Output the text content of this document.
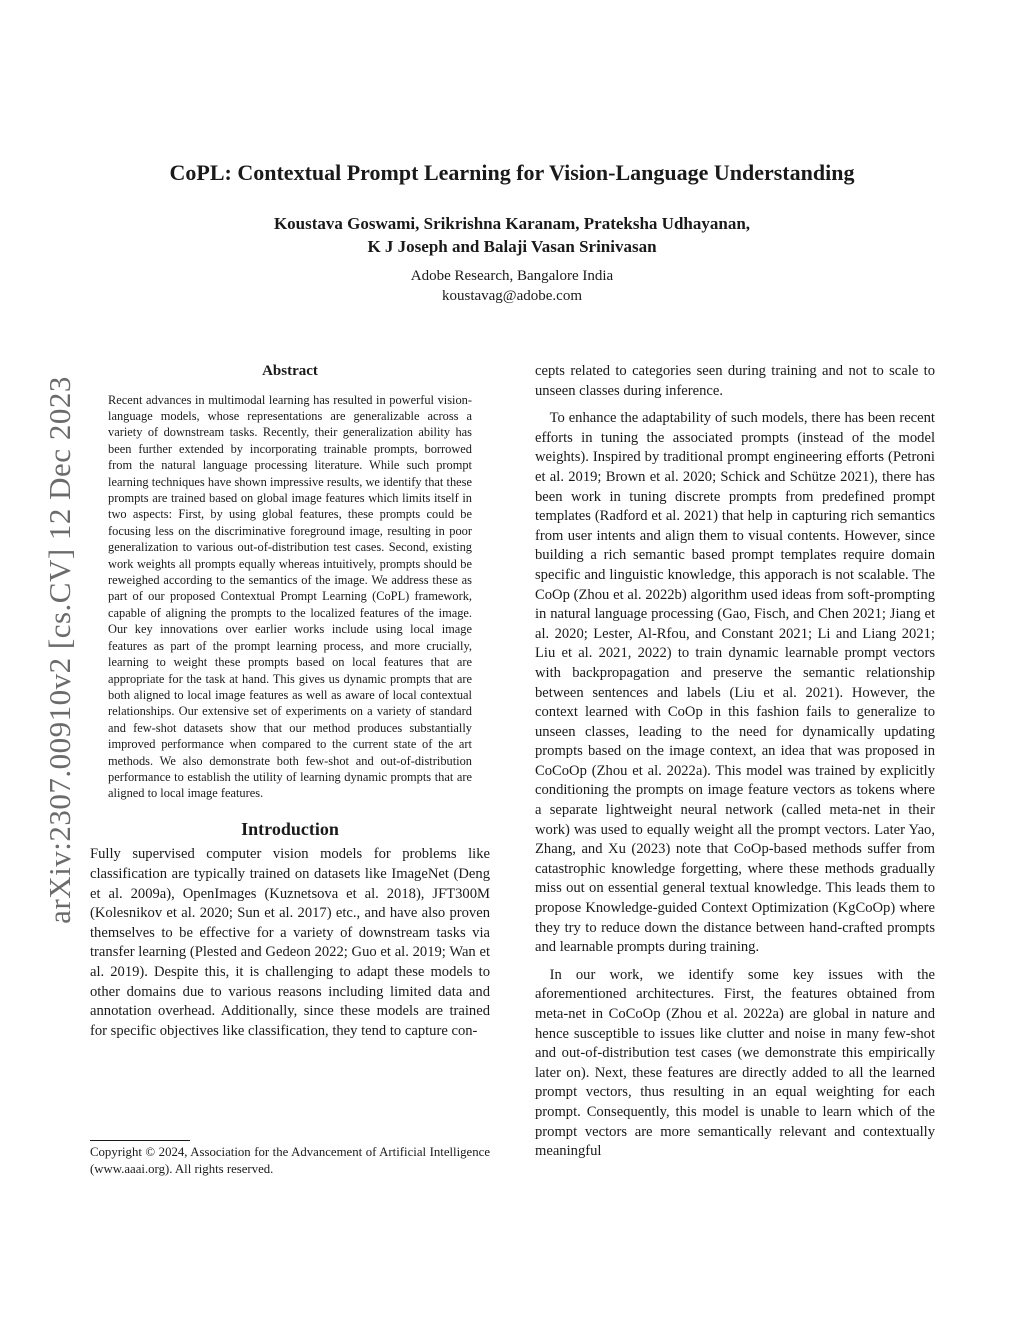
CoPL: Contextual Prompt Learning for Vision-Language Understanding
Koustava Goswami, Srikrishna Karanam, Prateksha Udhayanan,
K J Joseph and Balaji Vasan Srinivasan
Adobe Research, Bangalore India
koustavag@adobe.com
arXiv:2307.00910v2 [cs.CV] 12 Dec 2023
Abstract

Recent advances in multimodal learning has resulted in powerful vision-language models, whose representations are generalizable across a variety of downstream tasks. Recently, their generalization ability has been further extended by incorporating trainable prompts, borrowed from the natural language processing literature. While such prompt learning techniques have shown impressive results, we identify that these prompts are trained based on global image features which limits itself in two aspects: First, by using global features, these prompts could be focusing less on the discriminative foreground image, resulting in poor generalization to various out-of-distribution test cases. Second, existing work weights all prompts equally whereas intuitively, prompts should be reweighed according to the semantics of the image. We address these as part of our proposed Contextual Prompt Learning (CoPL) framework, capable of aligning the prompts to the localized features of the image. Our key innovations over earlier works include using local image features as part of the prompt learning process, and more crucially, learning to weight these prompts based on local features that are appropriate for the task at hand. This gives us dynamic prompts that are both aligned to local image features as well as aware of local contextual relationships. Our extensive set of experiments on a variety of standard and few-shot datasets show that our method produces substantially improved performance when compared to the current state of the art methods. We also demonstrate both few-shot and out-of-distribution performance to establish the utility of learning dynamic prompts that are aligned to local image features.

Introduction

Fully supervised computer vision models for problems like classification are typically trained on datasets like ImageNet (Deng et al. 2009a), OpenImages (Kuznetsova et al. 2018), JFT300M (Kolesnikov et al. 2020; Sun et al. 2017) etc., and have also proven themselves to be effective for a variety of downstream tasks via transfer learning (Plested and Gedeon 2022; Guo et al. 2019; Wan et al. 2019). Despite this, it is challenging to adapt these models to other domains due to various reasons including limited data and annotation overhead. Additionally, since these models are trained for specific objectives like classification, they tend to capture con-

Copyright © 2024, Association for the Advancement of Artificial Intelligence (www.aaai.org). All rights reserved.

cepts related to categories seen during training and not to scale to unseen classes during inference.

To enhance the adaptability of such models, there has been recent efforts in tuning the associated prompts (instead of the model weights). Inspired by traditional prompt engineering efforts (Petroni et al. 2019; Brown et al. 2020; Schick and Schütze 2021), there has been work in tuning discrete prompts from predefined prompt templates (Radford et al. 2021) that help in capturing rich semantics from user intents and align them to visual contents. However, since building a rich semantic based prompt templates require domain specific and linguistic knowledge, this apporach is not scalable. The CoOp (Zhou et al. 2022b) algorithm used ideas from soft-prompting in natural language processing (Gao, Fisch, and Chen 2021; Jiang et al. 2020; Lester, Al-Rfou, and Constant 2021; Li and Liang 2021; Liu et al. 2021, 2022) to train dynamic learnable prompt vectors with backpropagation and preserve the semantic relationship between sentences and labels (Liu et al. 2021). However, the context learned with CoOp in this fashion fails to generalize to unseen classes, leading to the need for dynamically updating prompts based on the image context, an idea that was proposed in CoCoOp (Zhou et al. 2022a). This model was trained by explicitly conditioning the prompts on image feature vectors as tokens where a separate lightweight neural network (called meta-net in their work) was used to equally weight all the prompt vectors. Later Yao, Zhang, and Xu (2023) note that CoOp-based methods suffer from catastrophic knowledge forgetting, where these methods gradually miss out on essential general textual knowledge. This leads them to propose Knowledge-guided Context Optimization (KgCoOp) where they try to reduce down the distance between hand-crafted prompts and learnable prompts during training.

In our work, we identify some key issues with the aforementioned architectures. First, the features obtained from meta-net in CoCoOp (Zhou et al. 2022a) are global in nature and hence susceptible to issues like clutter and noise in many few-shot and out-of-distribution test cases (we demonstrate this empirically later on). Next, these features are directly added to all the learned prompt vectors, thus resulting in an equal weighting for each prompt. Consequently, this model is unable to learn which of the prompt vectors are more semantically relevant and contextually meaningful
